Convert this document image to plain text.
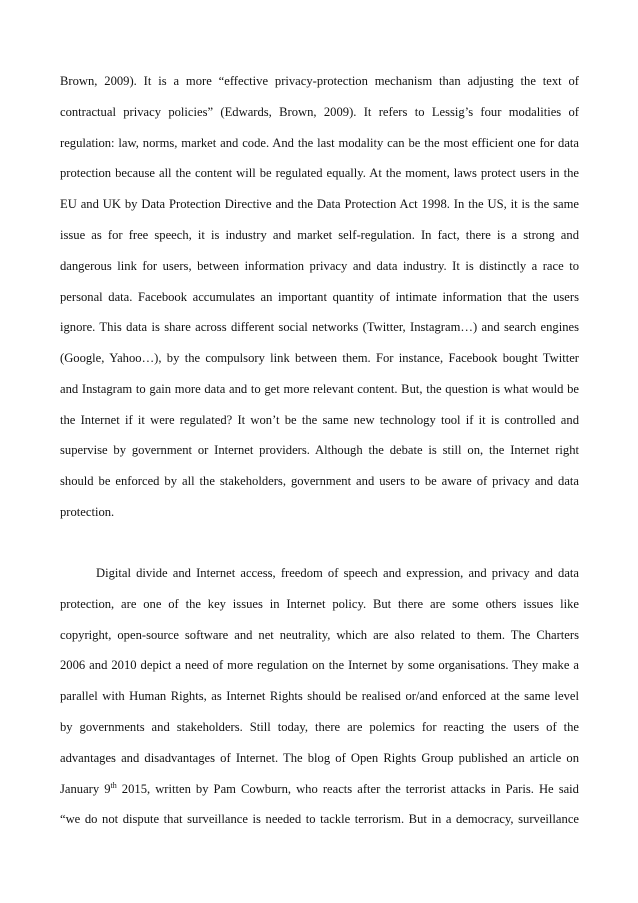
Brown, 2009). It is a more “effective privacy-protection mechanism than adjusting the text of

contractual privacy policies” (Edwards, Brown, 2009). It refers to Lessig’s four modalities of

regulation: law, norms, market and code. And the last modality can be the most efficient one for data

protection because all the content will be regulated equally. At the moment, laws protect users in the

EU and UK by Data Protection Directive and the Data Protection Act 1998. In the US, it is the same

issue as for free speech, it is industry and market self-regulation. In fact, there is a strong and

dangerous link for users, between information privacy and data industry. It is distinctly a race to

personal data. Facebook accumulates an important quantity of intimate information that the users

ignore. This data is share across different social networks (Twitter, Instagram…) and search engines

(Google, Yahoo…), by the compulsory link between them. For instance, Facebook bought Twitter

and Instagram to gain more data and to get more relevant content. But, the question is what would be

the Internet if it were regulated? It won’t be the same new technology tool if it is controlled and

supervise by government or Internet providers. Although the debate is still on, the Internet right

should be enforced by all the stakeholders, government and users to be aware of privacy and data

protection.

Digital divide and Internet access, freedom of speech and expression, and privacy and data

protection, are one of the key issues in Internet policy. But there are some others issues like

copyright, open-source software and net neutrality, which are also related to them. The Charters

2006 and 2010 depict a need of more regulation on the Internet by some organisations. They make a

parallel with Human Rights, as Internet Rights should be realised or/and enforced at the same level

by governments and stakeholders. Still today, there are polemics for reacting the users of the

advantages and disadvantages of Internet. The blog of Open Rights Group published an article on

January 9th 2015, written by Pam Cowburn, who reacts after the terrorist attacks in Paris. He said

“we do not dispute that surveillance is needed to tackle terrorism. But in a democracy, surveillance
